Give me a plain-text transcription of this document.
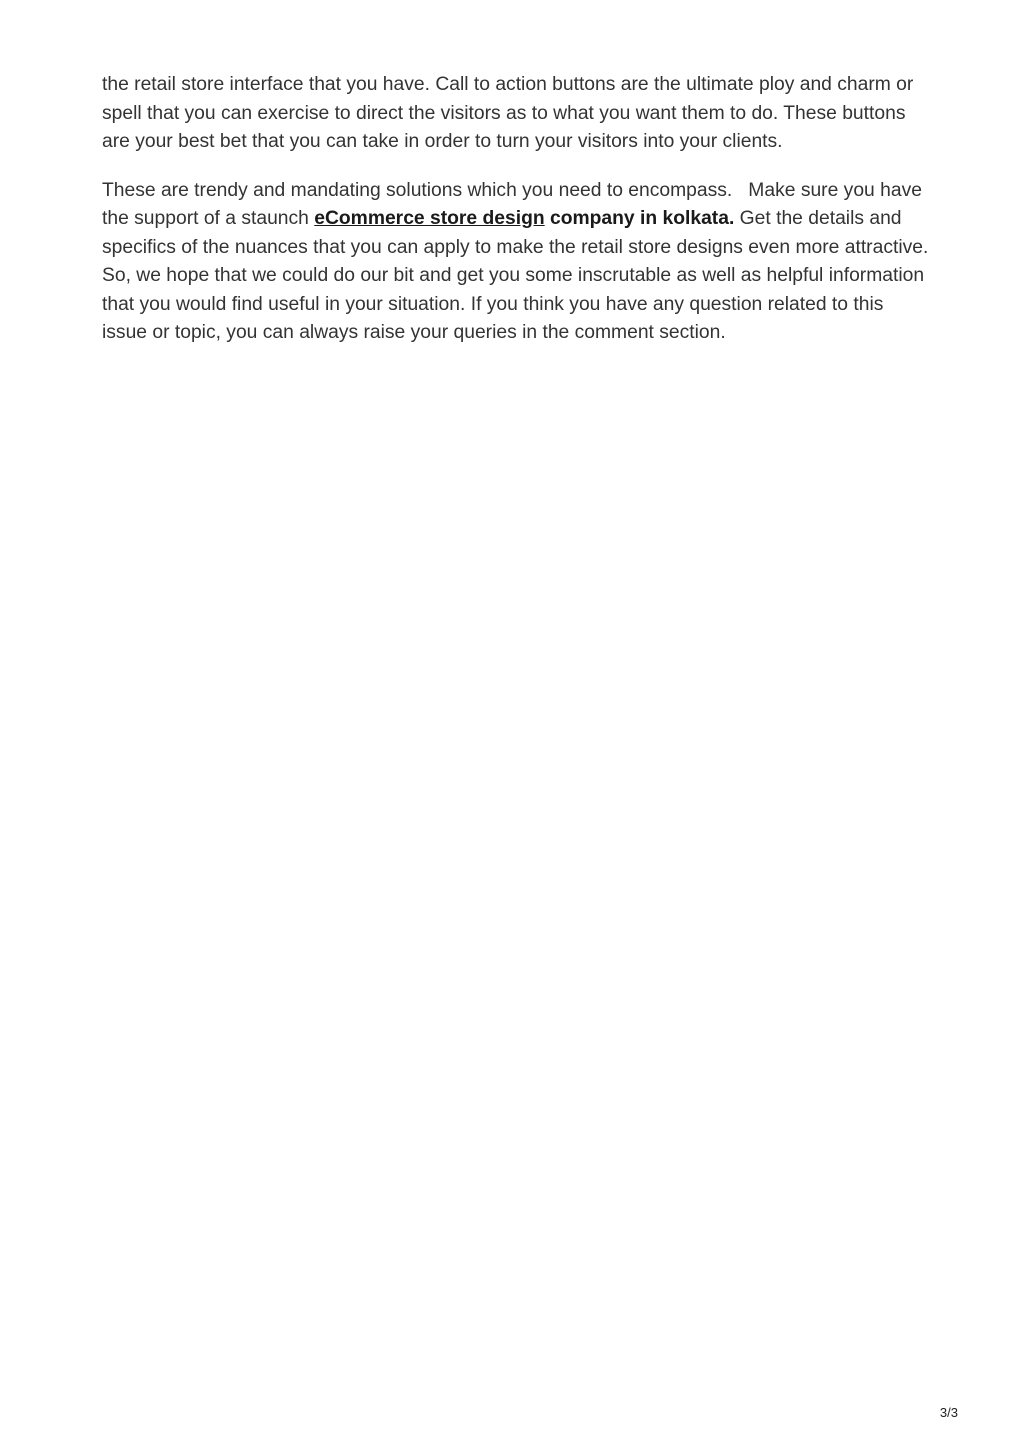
the retail store interface that you have. Call to action buttons are the ultimate ploy and charm or spell that you can exercise to direct the visitors as to what you want them to do. These buttons are your best bet that you can take in order to turn your visitors into your clients.

These are trendy and mandating solutions which you need to encompass.   Make sure you have the support of a staunch eCommerce store design company in kolkata. Get the details and specifics of the nuances that you can apply to make the retail store designs even more attractive. So, we hope that we could do our bit and get you some inscrutable as well as helpful information that you would find useful in your situation. If you think you have any question related to this issue or topic, you can always raise your queries in the comment section.

3/3
